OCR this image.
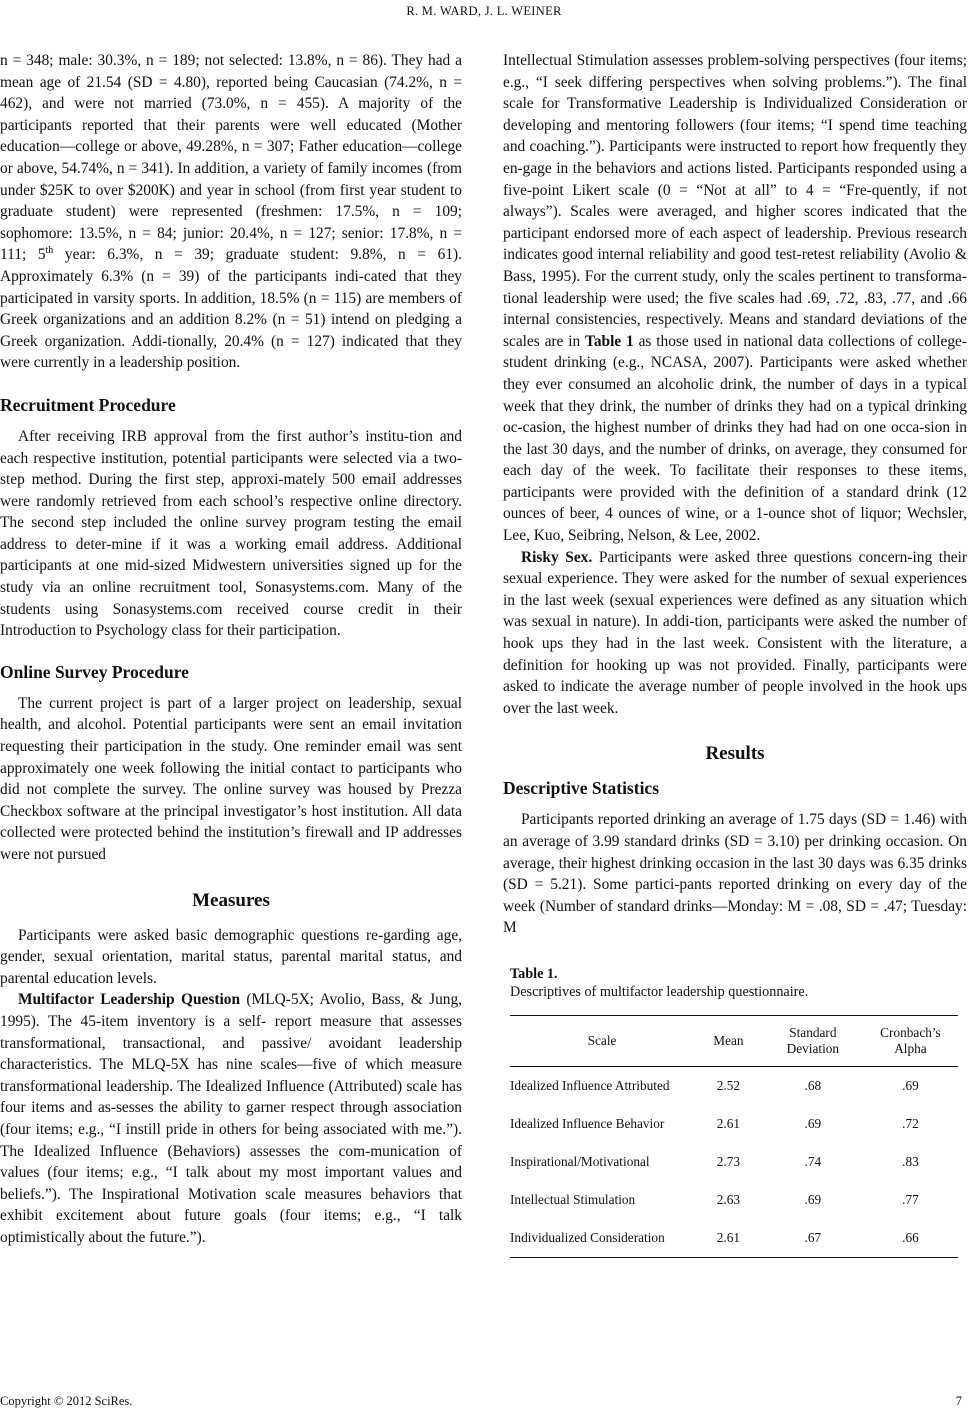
R. M. WARD, J. L. WEINER

n = 348; male: 30.3%, n = 189; not selected: 13.8%, n = 86). They had a mean age of 21.54 (SD = 4.80), reported being Caucasian (74.2%, n = 462), and were not married (73.0%, n = 455). A majority of the participants reported that their parents were well educated (Mother education—college or above, 49.28%, n = 307; Father education—college or above, 54.74%, n = 341). In addition, a variety of family incomes (from under $25K to over $200K) and year in school (from first year student to graduate student) were represented (freshmen: 17.5%, n = 109; sophomore: 13.5%, n = 84; junior: 20.4%, n = 127; senior: 17.8%, n = 111; 5th year: 6.3%, n = 39; graduate student: 9.8%, n = 61). Approximately 6.3% (n = 39) of the participants indi-cated that they participated in varsity sports. In addition, 18.5% (n = 115) are members of Greek organizations and an addition 8.2% (n = 51) intend on pledging a Greek organization. Addi-tionally, 20.4% (n = 127) indicated that they were currently in a leadership position.

Recruitment Procedure

After receiving IRB approval from the first author’s institu-tion and each respective institution, potential participants were selected via a two-step method. During the first step, approxi-mately 500 email addresses were randomly retrieved from each school’s respective online directory. The second step included the online survey program testing the email address to deter-mine if it was a working email address. Additional participants at one mid-sized Midwestern universities signed up for the study via an online recruitment tool, Sonasystems.com. Many of the students using Sonasystems.com received course credit in their Introduction to Psychology class for their participation.

Online Survey Procedure

The current project is part of a larger project on leadership, sexual health, and alcohol. Potential participants were sent an email invitation requesting their participation in the study. One reminder email was sent approximately one week following the initial contact to participants who did not complete the survey. The online survey was housed by Prezza Checkbox software at the principal investigator’s host institution. All data collected were protected behind the institution’s firewall and IP addresses were not pursued

Measures

Participants were asked basic demographic questions re-garding age, gender, sexual orientation, marital status, parental marital status, and parental education levels.

Multifactor Leadership Question (MLQ-5X; Avolio, Bass, & Jung, 1995). The 45-item inventory is a self- report measure that assesses transformational, transactional, and passive/ avoidant leadership characteristics. The MLQ-5X has nine scales—five of which measure transformational leadership. The Idealized Influence (Attributed) scale has four items and as-sesses the ability to garner respect through association (four items; e.g., “I instill pride in others for being associated with me.”). The Idealized Influence (Behaviors) assesses the com-munication of values (four items; e.g., “I talk about my most important values and beliefs.”). The Inspirational Motivation scale measures behaviors that exhibit excitement about future goals (four items; e.g., “I talk optimistically about the future.”).

Intellectual Stimulation assesses problem-solving perspectives (four items; e.g., “I seek differing perspectives when solving problems.”). The final scale for Transformative Leadership is Individualized Consideration or developing and mentoring followers (four items; “I spend time teaching and coaching.”). Participants were instructed to report how frequently they en-gage in the behaviors and actions listed. Participants responded using a five-point Likert scale (0 = “Not at all” to 4 = “Fre-quently, if not always”). Scales were averaged, and higher scores indicated that the participant endorsed more of each aspect of leadership. Previous research indicates good internal reliability and good test-retest reliability (Avolio & Bass, 1995). For the current study, only the scales pertinent to transforma-tional leadership were used; the five scales had .69, .72, .83, .77, and .66 internal consistencies, respectively. Means and standard deviations of the scales are in Table 1 as those used in national data collections of college-student drinking (e.g., NCASA, 2007). Participants were asked whether they ever consumed an alcoholic drink, the number of days in a typical week that they drink, the number of drinks they had on a typical drinking oc-casion, the highest number of drinks they had had on one occa-sion in the last 30 days, and the number of drinks, on average, they consumed for each day of the week. To facilitate their responses to these items, participants were provided with the definition of a standard drink (12 ounces of beer, 4 ounces of wine, or a 1-ounce shot of liquor; Wechsler, Lee, Kuo, Seibring, Nelson, & Lee, 2002.

Risky Sex. Participants were asked three questions concern-ing their sexual experience. They were asked for the number of sexual experiences in the last week (sexual experiences were defined as any situation which was sexual in nature). In addi-tion, participants were asked the number of hook ups they had in the last week. Consistent with the literature, a definition for hooking up was not provided. Finally, participants were asked to indicate the average number of people involved in the hook ups over the last week.

Results
Descriptive Statistics

Participants reported drinking an average of 1.75 days (SD = 1.46) with an average of 3.99 standard drinks (SD = 3.10) per drinking occasion. On average, their highest drinking occasion in the last 30 days was 6.35 drinks (SD = 5.21). Some partici-pants reported drinking on every day of the week (Number of standard drinks—Monday: M = .08, SD = .47; Tuesday: M

Table 1.

Descriptives of multifactor leadership questionnaire.

Scale	Mean	Standard Deviation	Cronbach’s Alpha
Idealized Influence Attributed	2.52	.68	.69
Idealized Influence Behavior	2.61	.69	.72
Inspirational/Motivational	2.73	.74	.83
Intellectual Stimulation	2.63	.69	.77
Individualized Consideration	2.61	.67	.66
Copyright © 2012 SciRes.	7
